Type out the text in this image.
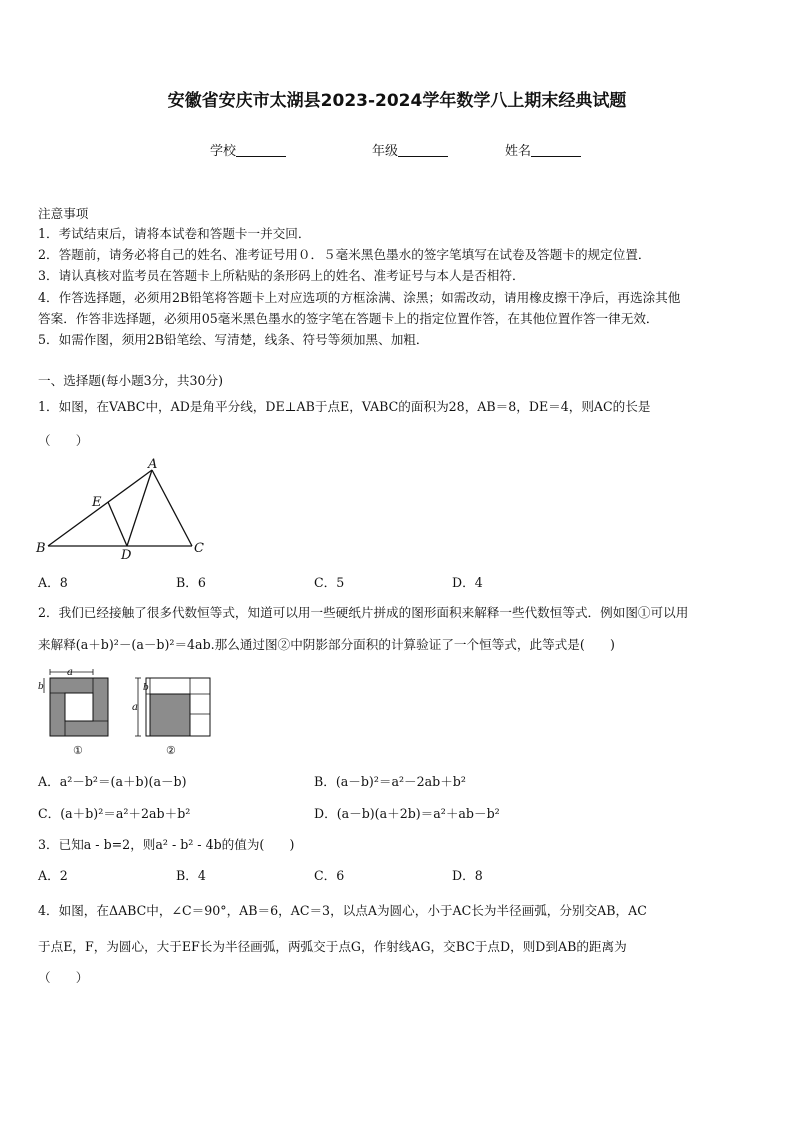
安徽省安庆市太湖县2023-2024学年数学八上期末经典试题
学校	年级	姓名
注意事项
1．考试结束后，请将本试卷和答题卡一并交回．
2．答题前，请务必将自己的姓名、准考证号用０．５毫米黑色墨水的签字笔填写在试卷及答题卡的规定位置．
3．请认真核对监考员在答题卡上所粘贴的条形码上的姓名、准考证号与本人是否相符．
4．作答选择题，必须用2B铅笔将答题卡上对应选项的方框涂满、涂黑；如需改动，请用橡皮擦干净后，再选涂其他
答案．作答非选择题，必须用05毫米黑色墨水的签字笔在答题卡上的指定位置作答，在其他位置作答一律无效．
5．如需作图，须用2B铅笔绘、写清楚，线条、符号等须加黑、加粗．
一、选择题(每小题3分，共30分)
1．如图，在VABC中，AD是角平分线，DE⊥AB于点E，VABC的面积为28，AB＝8，DE＝4，则AC的长是
（　　）
A
B	C
D
E
A．8	B．6	C．5	D．4
2．我们已经接触了很多代数恒等式，知道可以用一些硬纸片拼成的图形面积来解释一些代数恒等式．例如图①可以用
来解释(a＋b)²－(a－b)²＝4ab.那么通过图②中阴影部分面积的计算验证了一个恒等式，此等式是(　　)
a
b
①
a
b
②
A．a²－b²＝(a＋b)(a－b)	B．(a－b)²＝a²－2ab＋b²
C．(a＋b)²＝a²＋2ab＋b²	D．(a－b)(a＋2b)＝a²＋ab－b²
3．已知a - b=2，则a² - b² - 4b的值为(　　)
A．2	B．4	C．6	D．8
4．如图，在ΔABC中，∠C＝90°，AB＝6，AC＝3，以点A为圆心，小于AC长为半径画弧，分别交AB，AC
于点E，F，为圆心，大于EF长为半径画弧，两弧交于点G，作射线AG，交BC于点D，则D到AB的距离为
（　　）
